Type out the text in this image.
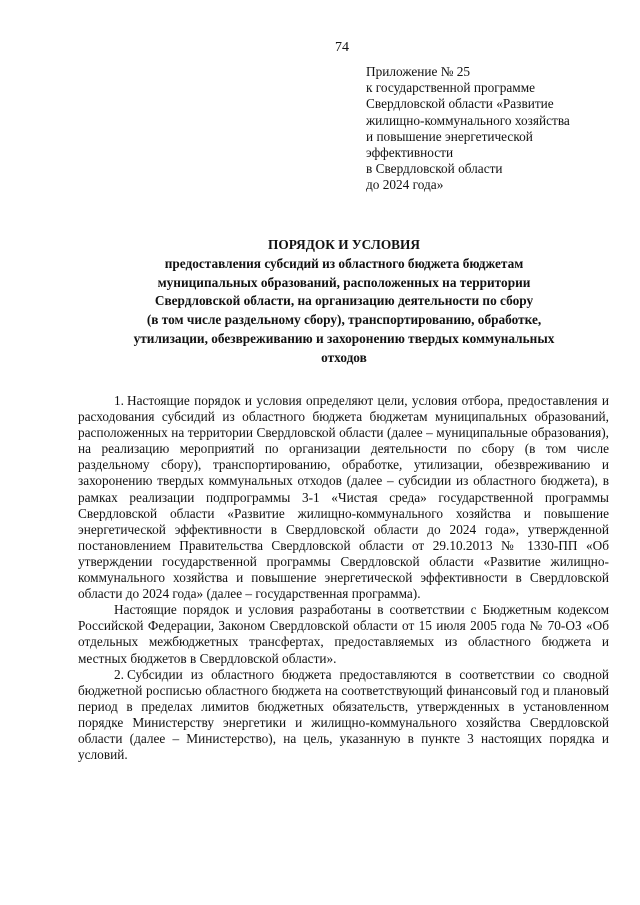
74
Приложение № 25
к государственной программе
Свердловской области «Развитие
жилищно-коммунального хозяйства
и повышение энергетической
эффективности
в Свердловской области
до 2024 года»
ПОРЯДОК И УСЛОВИЯ
предоставления субсидий из областного бюджета бюджетам
муниципальных образований, расположенных на территории
Свердловской области, на организацию деятельности по сбору
(в том числе раздельному сбору), транспортированию, обработке,
утилизации, обезвреживанию и захоронению твердых коммунальных
отходов

1. Настоящие порядок и условия определяют цели, условия отбора, предоставления и расходования субсидий из областного бюджета бюджетам муниципальных образований, расположенных на территории Свердловской области (далее – муниципальные образования), на реализацию мероприятий по организации деятельности по сбору (в том числе раздельному сбору), транспортированию, обработке, утилизации, обезвреживанию и захоронению твердых коммунальных отходов (далее – субсидии из областного бюджета), в рамках реализации подпрограммы 3-1 «Чистая среда» государственной программы Свердловской области «Развитие жилищно-коммунального хозяйства и повышение энергетической эффективности в Свердловской области до 2024 года», утвержденной постановлением Правительства Свердловской области от 29.10.2013 № 1330-ПП «Об утверждении государственной программы Свердловской области «Развитие жилищно-коммунального хозяйства и повышение энергетической эффективности в Свердловской области до 2024 года» (далее – государственная программа).

Настоящие порядок и условия разработаны в соответствии с Бюджетным кодексом Российской Федерации, Законом Свердловской области от 15 июля 2005 года № 70-ОЗ «Об отдельных межбюджетных трансфертах, предоставляемых из областного бюджета и местных бюджетов в Свердловской области».

2. Субсидии из областного бюджета предоставляются в соответствии со сводной бюджетной росписью областного бюджета на соответствующий финансовый год и плановый период в пределах лимитов бюджетных обязательств, утвержденных в установленном порядке Министерству энергетики и жилищно-коммунального хозяйства Свердловской области (далее – Министерство), на цель, указанную в пункте 3 настоящих порядка и условий.
